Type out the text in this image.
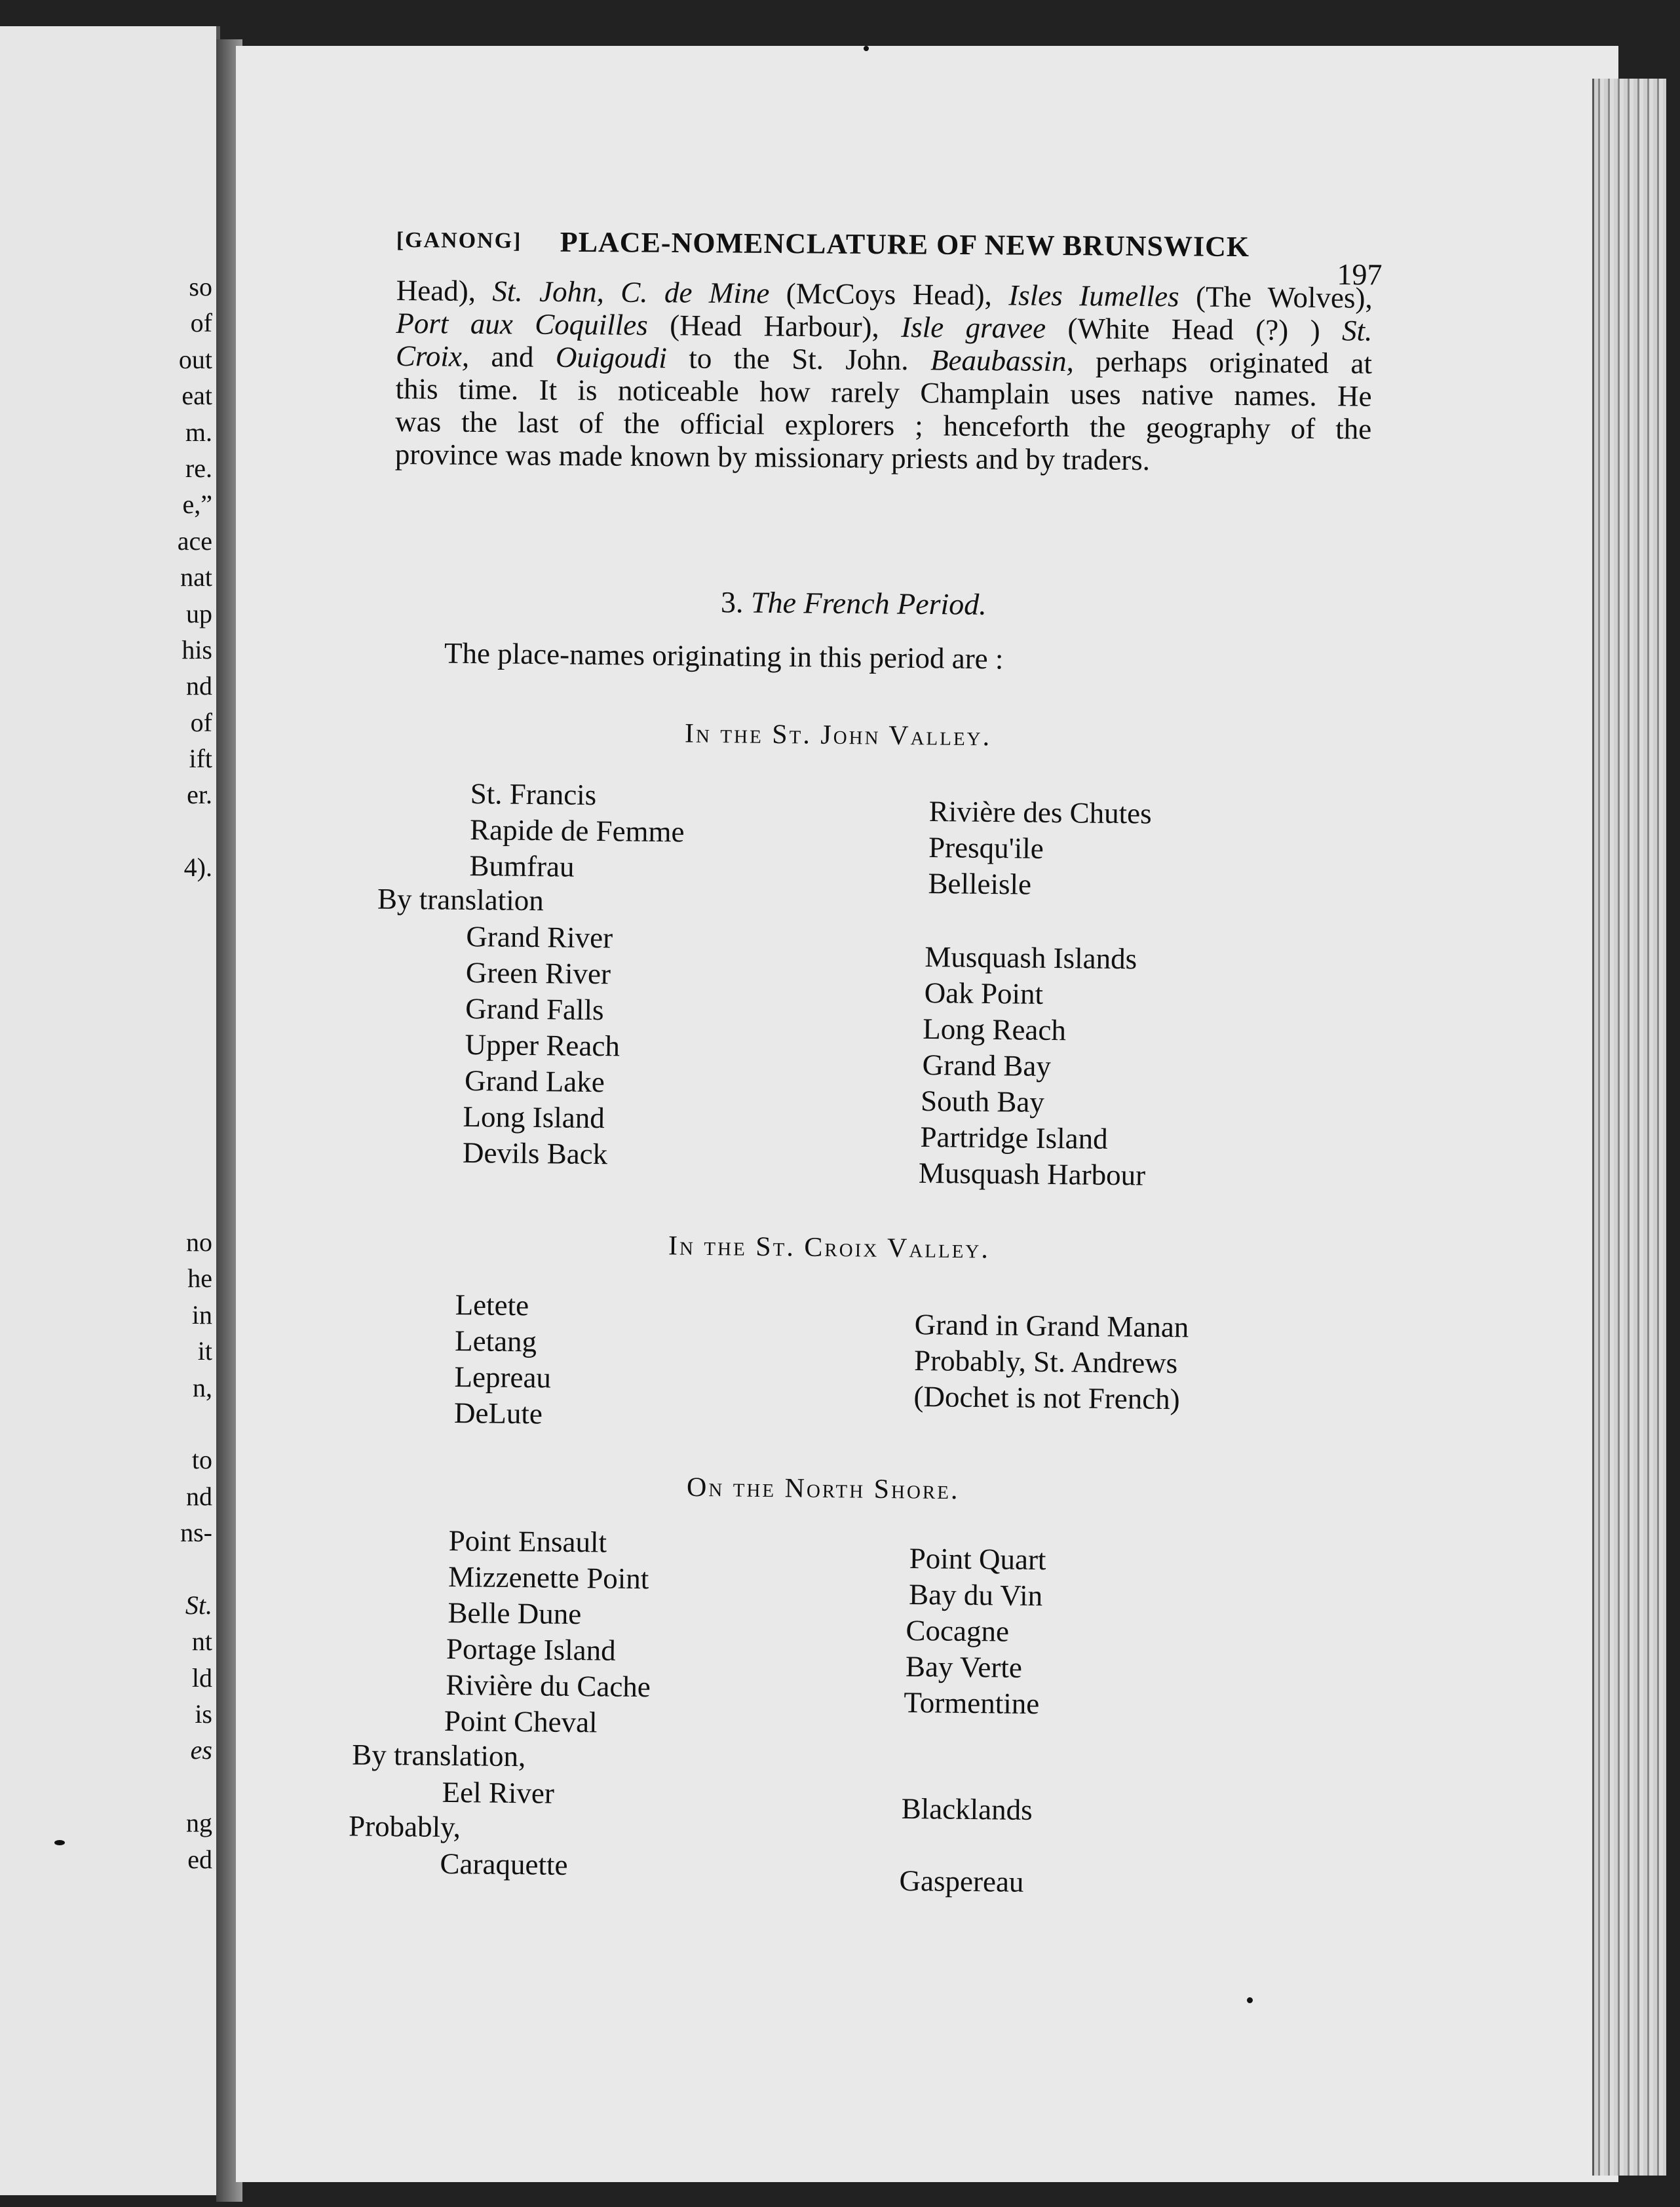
so
of
out
eat
m.
re.
e,”
ace
nat
up
his
nd
of
ift
er.
4).
no
he
in
it
n,
to
nd
ns-
St.
nt
ld
is
es
ng
ed
[GANONG] PLACE-NOMENCLATURE OF NEW BRUNSWICK
197
Head), St. John, C. de Mine (McCoys Head), Isles Iumelles (The Wolves),
Port aux Coquilles (Head Harbour), Isle gravee (White Head (?) ) St.
Croix, and Ouigoudi to the St. John. Beaubassin, perhaps originated at
this time. It is noticeable how rarely Champlain uses native names. He
was the last of the official explorers ; henceforth the geography of the
province was made known by missionary priests and by traders.
3. The French Period.
The place-names originating in this period are :
In the St. John Valley.
St. Francis
Rapide de Femme
Bumfrau
By translation
Grand River
Green River
Grand Falls
Upper Reach
Grand Lake
Long Island
Devils Back
Rivière des Chutes
Presqu'ile
Belleisle
Musquash Islands
Oak Point
Long Reach
Grand Bay
South Bay
Partridge Island
Musquash Harbour
In the St. Croix Valley.
Letete
Letang
Lepreau
DeLute
Grand in Grand Manan
Probably, St. Andrews
(Dochet is not French)
On the North Shore.
Point Ensault
Mizzenette Point
Belle Dune
Portage Island
Rivière du Cache
Point Cheval
By translation,
Eel River
Probably,
Caraquette
Point Quart
Bay du Vin
Cocagne
Bay Verte
Tormentine
Blacklands
Gaspereau
